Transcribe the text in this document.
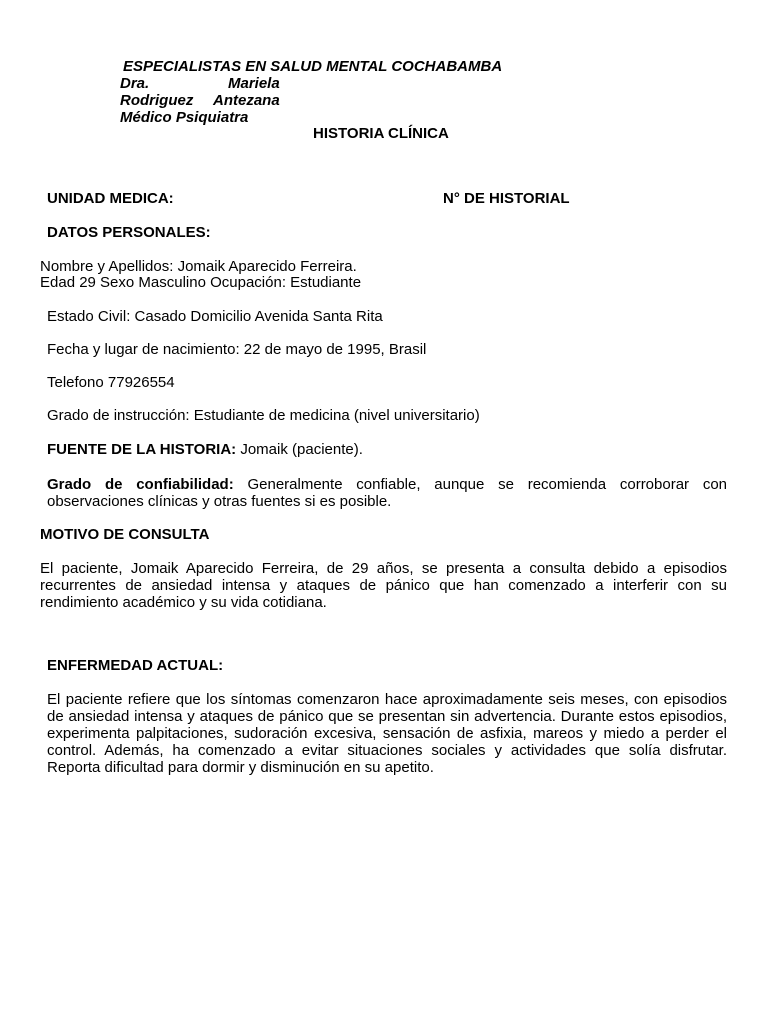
ESPECIALISTAS EN SALUD MENTAL COCHABAMBA
Dra.	Mariela
Rodriguez Antezana
Médico Psiquiatra
HISTORIA CLÍNICA
UNIDAD MEDICA:	N° DE HISTORIAL
DATOS PERSONALES:
Nombre y Apellidos: Jomaik Aparecido Ferreira.
Edad 29 Sexo Masculino Ocupación: Estudiante
Estado Civil: Casado Domicilio Avenida Santa Rita
Fecha y lugar de nacimiento: 22 de mayo de 1995, Brasil
Telefono 77926554
Grado de instrucción: Estudiante de medicina (nivel universitario)
FUENTE DE LA HISTORIA: Jomaik (paciente).
Grado de confiabilidad: Generalmente confiable, aunque se recomienda corroborar con observaciones clínicas y otras fuentes si es posible.
MOTIVO DE CONSULTA
El paciente, Jomaik Aparecido Ferreira, de 29 años, se presenta a consulta debido a episodios recurrentes de ansiedad intensa y ataques de pánico que han comenzado a interferir con su rendimiento académico y su vida cotidiana.
ENFERMEDAD ACTUAL:
El paciente refiere que los síntomas comenzaron hace aproximadamente seis meses, con episodios de ansiedad intensa y ataques de pánico que se presentan sin advertencia. Durante estos episodios, experimenta palpitaciones, sudoración excesiva, sensación de asfixia, mareos y miedo a perder el control. Además, ha comenzado a evitar situaciones sociales y actividades que solía disfrutar. Reporta dificultad para dormir y disminución en su apetito.
